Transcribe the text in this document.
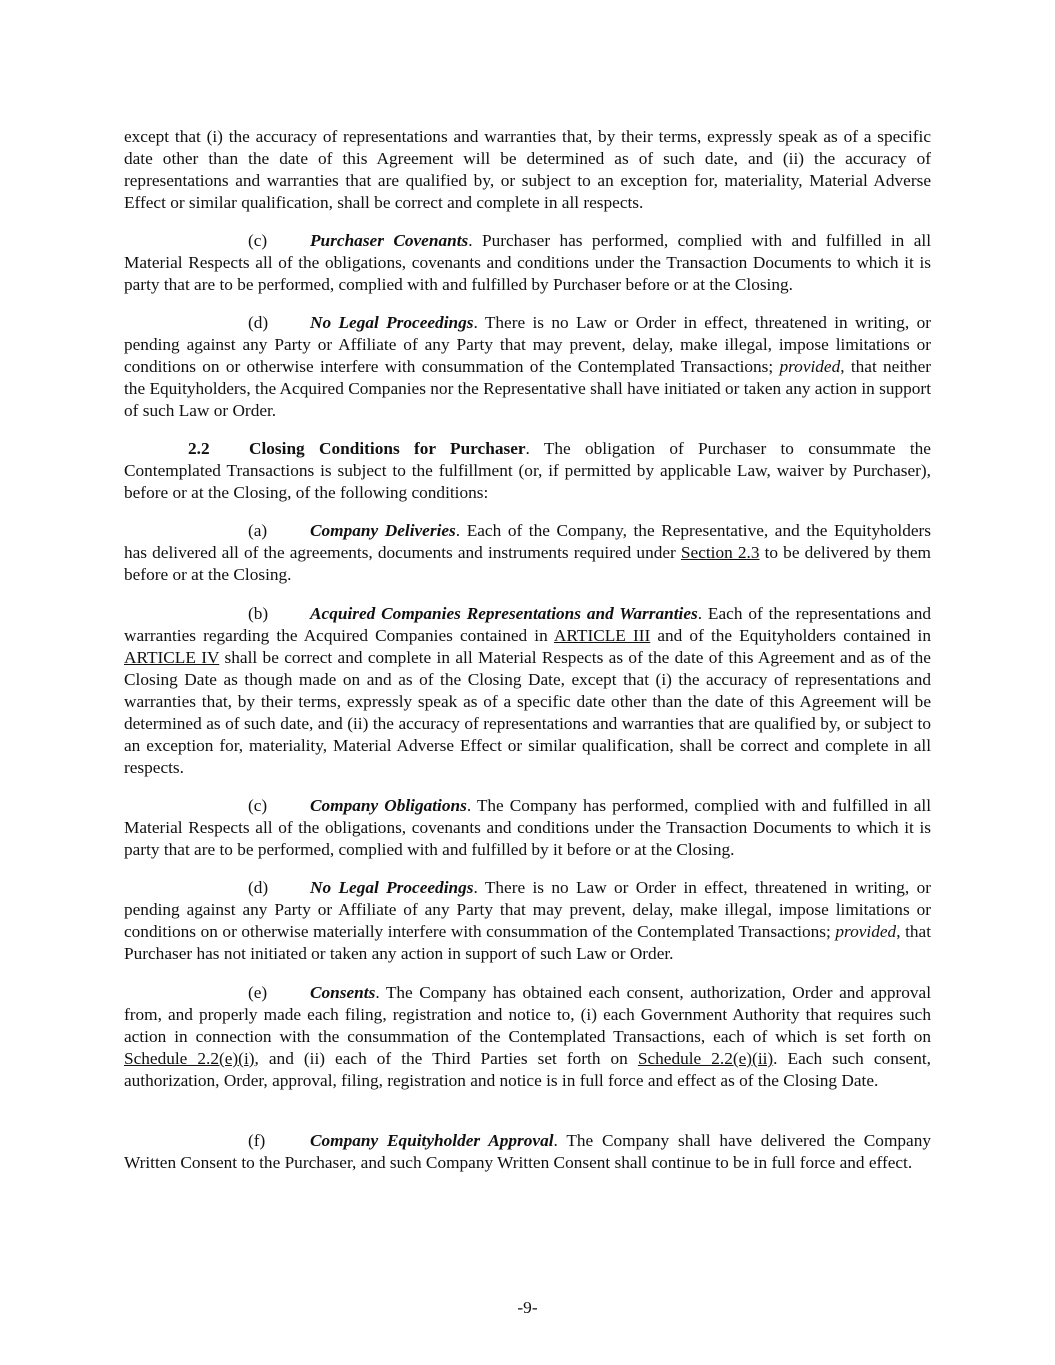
except that (i) the accuracy of representations and warranties that, by their terms, expressly speak as of a specific date other than the date of this Agreement will be determined as of such date, and (ii) the accuracy of representations and warranties that are qualified by, or subject to an exception for, materiality, Material Adverse Effect or similar qualification, shall be correct and complete in all respects.

(c) Purchaser Covenants. Purchaser has performed, complied with and fulfilled in all Material Respects all of the obligations, covenants and conditions under the Transaction Documents to which it is party that are to be performed, complied with and fulfilled by Purchaser before or at the Closing.

(d) No Legal Proceedings. There is no Law or Order in effect, threatened in writing, or pending against any Party or Affiliate of any Party that may prevent, delay, make illegal, impose limitations or conditions on or otherwise interfere with consummation of the Contemplated Transactions; provided, that neither the Equityholders, the Acquired Companies nor the Representative shall have initiated or taken any action in support of such Law or Order.

2.2 Closing Conditions for Purchaser. The obligation of Purchaser to consummate the Contemplated Transactions is subject to the fulfillment (or, if permitted by applicable Law, waiver by Purchaser), before or at the Closing, of the following conditions:

(a) Company Deliveries. Each of the Company, the Representative, and the Equityholders has delivered all of the agreements, documents and instruments required under Section 2.3 to be delivered by them before or at the Closing.

(b) Acquired Companies Representations and Warranties. Each of the representations and warranties regarding the Acquired Companies contained in ARTICLE III and of the Equityholders contained in ARTICLE IV shall be correct and complete in all Material Respects as of the date of this Agreement and as of the Closing Date as though made on and as of the Closing Date, except that (i) the accuracy of representations and warranties that, by their terms, expressly speak as of a specific date other than the date of this Agreement will be determined as of such date, and (ii) the accuracy of representations and warranties that are qualified by, or subject to an exception for, materiality, Material Adverse Effect or similar qualification, shall be correct and complete in all respects.

(c) Company Obligations. The Company has performed, complied with and fulfilled in all Material Respects all of the obligations, covenants and conditions under the Transaction Documents to which it is party that are to be performed, complied with and fulfilled by it before or at the Closing.

(d) No Legal Proceedings. There is no Law or Order in effect, threatened in writing, or pending against any Party or Affiliate of any Party that may prevent, delay, make illegal, impose limitations or conditions on or otherwise materially interfere with consummation of the Contemplated Transactions; provided, that Purchaser has not initiated or taken any action in support of such Law or Order.

(e) Consents. The Company has obtained each consent, authorization, Order and approval from, and properly made each filing, registration and notice to, (i) each Government Authority that requires such action in connection with the consummation of the Contemplated Transactions, each of which is set forth on Schedule 2.2(e)(i), and (ii) each of the Third Parties set forth on Schedule 2.2(e)(ii). Each such consent, authorization, Order, approval, filing, registration and notice is in full force and effect as of the Closing Date.

(f)	Company Equityholder Approval. The Company shall have delivered the Company Written Consent to the Purchaser, and such Company Written Consent shall continue to be in full force and effect.

-9-
